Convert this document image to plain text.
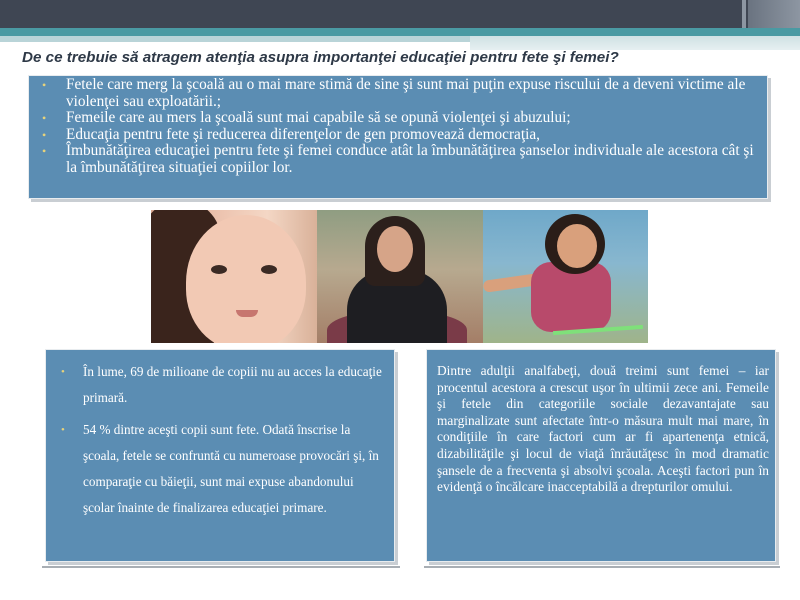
De ce trebuie să atragem atenţia asupra importanţei educaţiei pentru fete şi femei?
• Fetele care merg la şcoală au o mai mare stimă de sine şi sunt mai puţin expuse riscului de a deveni victime ale violenţei sau exploatării.;
• Femeile care au mers la şcoală sunt mai capabile să se opună violenţei şi abuzului;
• Educaţia pentru fete şi reducerea diferenţelor de gen promovează democraţia,
• Îmbunătăţirea educaţiei pentru fete şi femei conduce atât la îmbunătăţirea şanselor individuale ale acestora cât şi la îmbunătăţirea situaţiei copiilor lor.
• În lume, 69 de milioane de copiii nu au acces la educaţie primară.
• 54 % dintre aceşti copii sunt fete. Odată înscrise la şcoala, fetele se confruntă cu numeroase provocări şi, în comparaţie cu băieţii, sunt mai expuse abandonului şcolar înainte de finalizarea educaţiei primare.

Dintre adulţii analfabeţi, două treimi sunt femei – iar procentul acestora a crescut uşor în ultimii zece ani. Femeile şi fetele din categoriile sociale dezavantajate sau marginalizate sunt afectate într-o măsura mult mai mare, în condiţiile în care factori cum ar fi apartenenţa etnică, dizabilităţile şi locul de viaţă înrăutăţesc în mod dramatic şansele de a frecventa şi absolvi şcoala. Aceşti factori pun în evidenţă o încălcare inacceptabilă a drepturilor omului.
